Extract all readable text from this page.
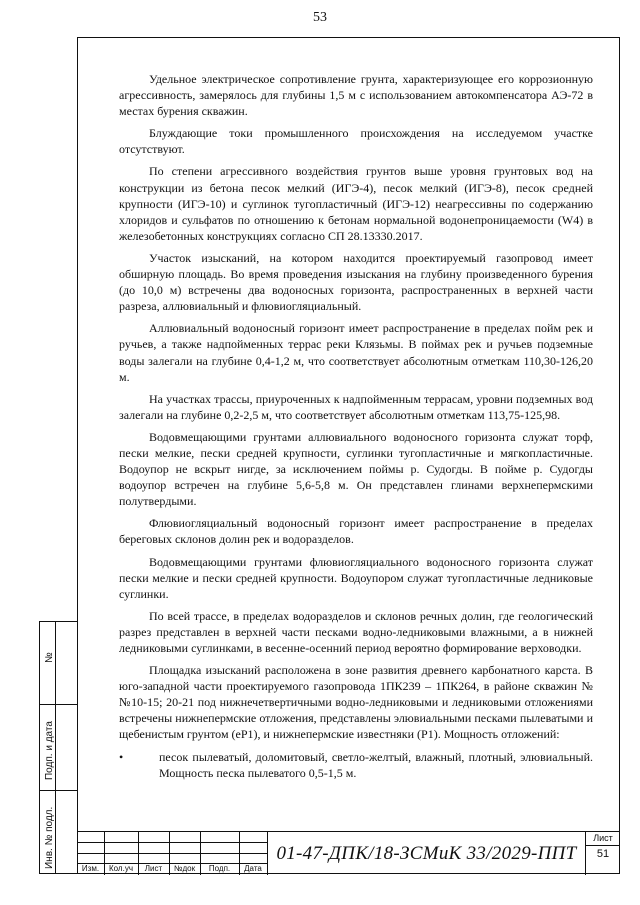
53

Удельное электрическое сопротивление грунта, характеризующее его коррозионную агрессивность, замерялось для глубины 1,5 м с использованием автокомпенсатора АЭ-72 в местах бурения скважин.

Блуждающие токи промышленного происхождения на исследуемом участке отсутствуют.

По степени агрессивного воздействия грунтов выше уровня грунтовых вод на конструкции из бетона песок мелкий (ИГЭ-4), песок мелкий (ИГЭ-8), песок средней крупности (ИГЭ-10) и суглинок тугопластичный (ИГЭ-12) неагрессивны по содержанию хлоридов и сульфатов по отношению к бетонам нормальной водонепроницаемости (W4) в железобетонных конструкциях согласно СП 28.13330.2017.

Участок изысканий, на котором находится проектируемый газопровод имеет обширную площадь. Во время проведения изыскания на глубину произведенного бурения (до 10,0 м) встречены два водоносных горизонта, распространенных в верхней части разреза, аллювиальный и флювиогляциальный.

Аллювиальный водоносный горизонт имеет распространение в пределах пойм рек и ручьев, а также надпойменных террас реки Клязьмы. В поймах рек и ручьев подземные воды залегали на глубине 0,4-1,2 м, что соответствует абсолютным отметкам 110,30-126,20 м.

На участках трассы, приуроченных к надпойменным террасам, уровни подземных вод залегали на глубине 0,2-2,5 м, что соответствует абсолютным отметкам 113,75-125,98.

Водовмещающими грунтами аллювиального водоносного горизонта служат торф, пески мелкие, пески средней крупности, суглинки тугопластичные и мягкопластичные. Водоупор не вскрыт нигде, за исключением поймы р. Судогды. В пойме р. Судогды водоупор встречен на глубине 5,6-5,8 м. Он представлен глинами верхнепермскими полутвердыми.

Флювиогляциальный водоносный горизонт имеет распространение в пределах береговых склонов долин рек и водоразделов.

Водовмещающими грунтами флювиогляциального водоносного горизонта служат пески мелкие и пески средней крупности. Водоупором служат тугопластичные ледниковые суглинки.

По всей трассе, в пределах водоразделов и склонов речных долин, где геологический разрез представлен в верхней части песками водно-ледниковыми влажными, а в нижней ледниковыми суглинками, в весенне-осенний период вероятно формирование верховодки.

Площадка изысканий расположена в зоне развития древнего карбонатного карста. В юго-западной части проектируемого газопровода 1ПК239 – 1ПК264, в районе скважин №№10-15; 20-21 под нижнечетвертичными водно-ледниковыми и ледниковыми отложениями встречены нижнепермские отложения, представлены элювиальными песками пылеватыми и щебенистым грунтом (eP1), и нижнепермские известняки (P1). Мощность отложений:

•	песок пылеватый, доломитовый, светло-желтый, влажный, плотный, элювиальный. Мощность песка пылеватого 0,5-1,5 м.

№
Подп. и дата
Инв. № подл.	Изм.	Кол.уч	Лист	№док	Подп.	Дата
01-47-ДПК/18-ЗСМиК 33/2029-ППТ
Лист
51
